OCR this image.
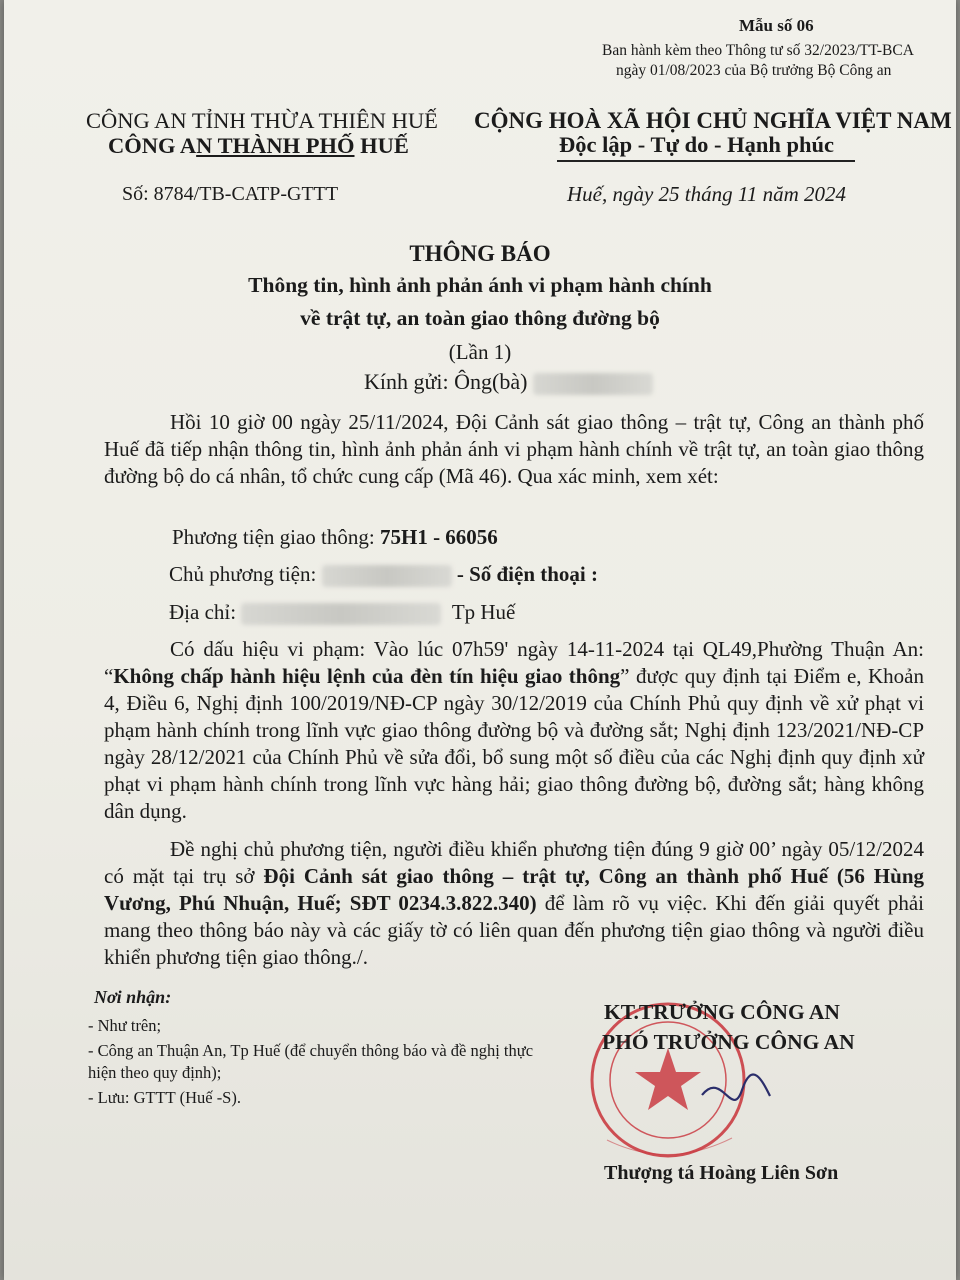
Mẫu số 06
Ban hành kèm theo Thông tư số 32/2023/TT-BCA
ngày 01/08/2023 của Bộ trưởng Bộ Công an
CÔNG AN TỈNH THỪA THIÊN HUẾ
CÔNG AN THÀNH PHỐ HUẾ
CỘNG HOÀ XÃ HỘI CHỦ NGHĨA VIỆT NAM
Độc lập - Tự do - Hạnh phúc
Số: 8784/TB-CATP-GTTT	Huế, ngày 25 tháng 11 năm 2024
THÔNG BÁO
Thông tin, hình ảnh phản ánh vi phạm hành chính
về trật tự, an toàn giao thông đường bộ
(Lần 1)
Kính gửi: Ông(bà)
Hồi 10 giờ 00 ngày 25/11/2024, Đội Cảnh sát giao thông – trật tự, Công an thành phố Huế đã tiếp nhận thông tin, hình ảnh phản ánh vi phạm hành chính về trật tự, an toàn giao thông đường bộ do cá nhân, tổ chức cung cấp (Mã 46). Qua xác minh, xem xét:
Phương tiện giao thông: 75H1 - 66056
Chủ phương tiện:	- Số điện thoại :
Địa chỉ:	Tp Huế
Có dấu hiệu vi phạm: Vào lúc 07h59' ngày 14-11-2024 tại QL49,Phường Thuận An: “Không chấp hành hiệu lệnh của đèn tín hiệu giao thông” được quy định tại Điểm e, Khoản 4, Điều 6, Nghị định 100/2019/NĐ-CP ngày 30/12/2019 của Chính Phủ quy định về xử phạt vi phạm hành chính trong lĩnh vực giao thông đường bộ và đường sắt; Nghị định 123/2021/NĐ-CP ngày 28/12/2021 của Chính Phủ về sửa đổi, bổ sung một số điều của các Nghị định quy định xử phạt vi phạm hành chính trong lĩnh vực hàng hải; giao thông đường bộ, đường sắt; hàng không dân dụng.
Đề nghị chủ phương tiện, người điều khiển phương tiện đúng 9 giờ 00’ ngày 05/12/2024 có mặt tại trụ sở Đội Cảnh sát giao thông – trật tự, Công an thành phố Huế (56 Hùng Vương, Phú Nhuận, Huế; SĐT 0234.3.822.340) để làm rõ vụ việc. Khi đến giải quyết phải mang theo thông báo này và các giấy tờ có liên quan đến phương tiện giao thông và người điều khiển phương tiện giao thông./.
Nơi nhận:
- Như trên;
- Công an Thuận An, Tp Huế (để chuyển thông báo và đề nghị thực hiện theo quy định);
- Lưu: GTTT (Huế -S).
KT.TRƯỞNG CÔNG AN
PHÓ TRƯỞNG CÔNG AN
Thượng tá Hoàng Liên Sơn
